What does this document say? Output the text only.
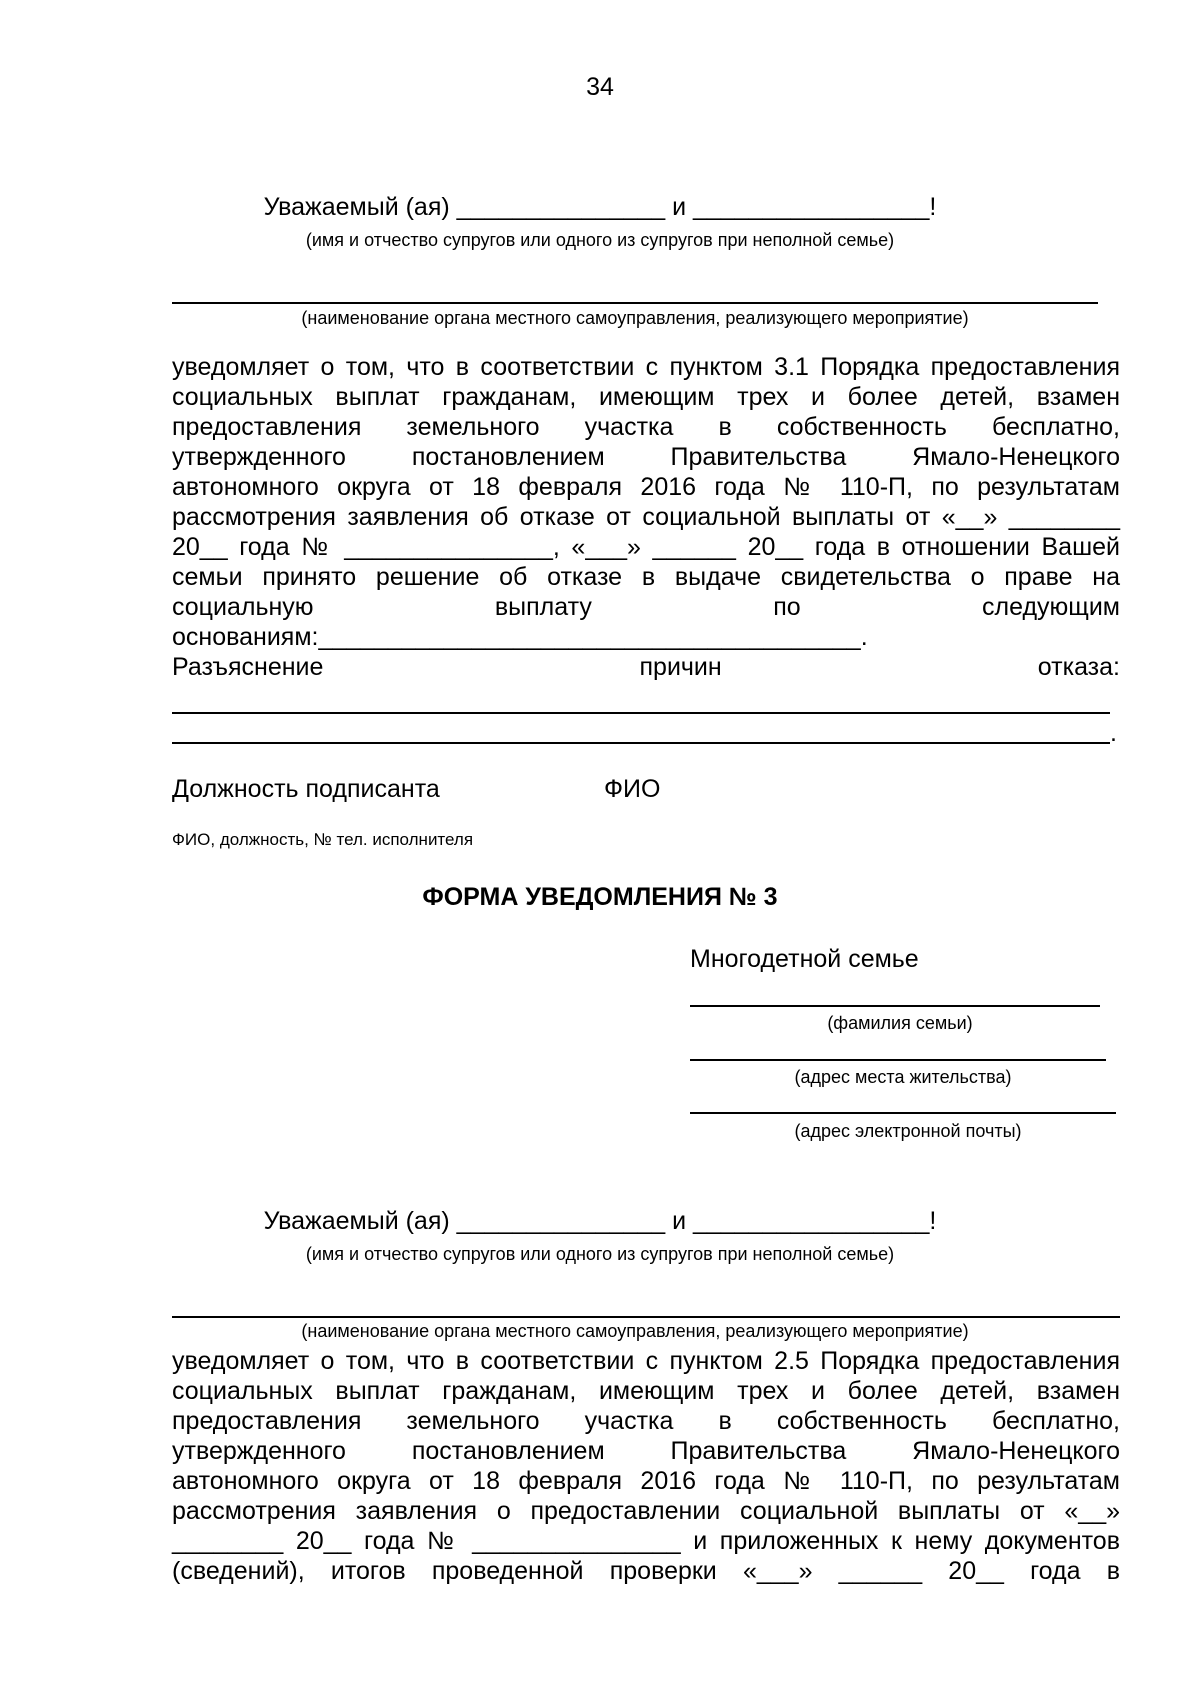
34
Уважаемый (ая) _______________ и _________________!
(имя и отчество супругов или одного из супругов при неполной семье)
(наименование органа местного самоуправления, реализующего мероприятие)
уведомляет о том, что в соответствии с пунктом 3.1 Порядка предоставления
социальных выплат гражданам, имеющим трех и более детей, взамен
предоставления земельного участка в собственность бесплатно,
утвержденного постановлением Правительства Ямало-Ненецкого
автономного округа от 18 февраля 2016 года № 110-П, по результатам
рассмотрения заявления об отказе от социальной выплаты от «__» ________
20__ года № _______________, «___» ______ 20__ года в отношении Вашей
семьи принято решение об отказе в выдаче свидетельства о праве на
социальную выплату по следующим
основаниям:_______________________________________.
Разъяснение причин отказа:
.
Должность подписанта	ФИО
ФИО, должность, № тел. исполнителя
ФОРМА УВЕДОМЛЕНИЯ № 3
Многодетной семье
(фамилия семьи)
(адрес места жительства)
(адрес электронной почты)
Уважаемый (ая) _______________ и _________________!
(имя и отчество супругов или одного из супругов при неполной семье)
(наименование органа местного самоуправления, реализующего мероприятие)
уведомляет о том, что в соответствии с пунктом 2.5 Порядка предоставления
социальных выплат гражданам, имеющим трех и более детей, взамен
предоставления земельного участка в собственность бесплатно,
утвержденного постановлением Правительства Ямало-Ненецкого
автономного округа от 18 февраля 2016 года № 110-П, по результатам
рассмотрения заявления о предоставлении социальной выплаты от «__»
________ 20__ года № _______________ и приложенных к нему документов
(сведений), итогов проведенной проверки «___» ______ 20__ года в
